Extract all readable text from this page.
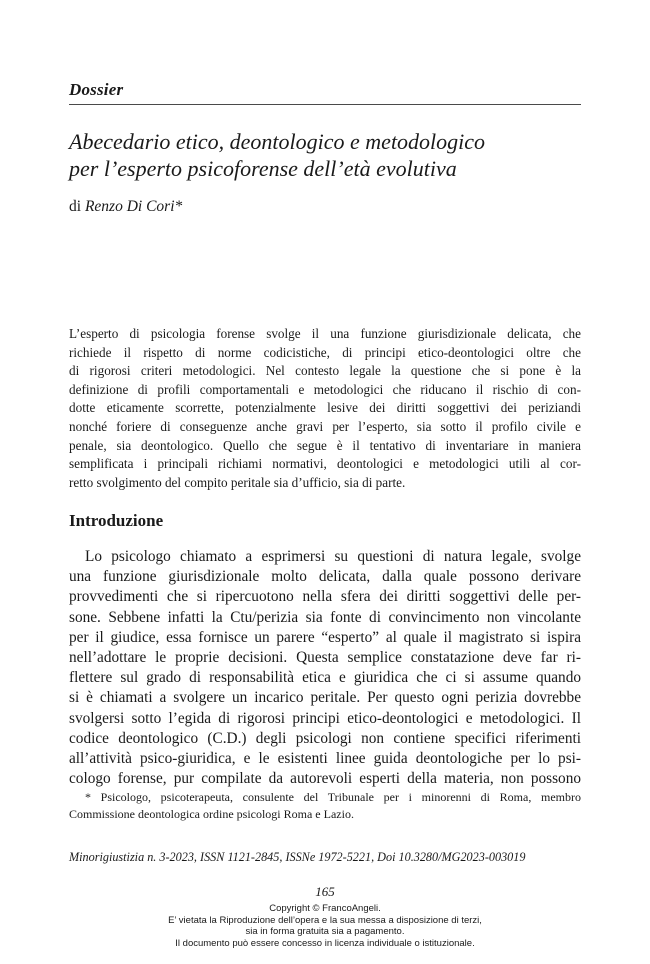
Dossier
Abecedario etico, deontologico e metodologico
per l’esperto psicoforense dell’età evolutiva
di Renzo Di Cori*
L’esperto di psicologia forense svolge il una funzione giurisdizionale delicata, che
richiede il rispetto di norme codicistiche, di principi etico-deontologici oltre che
di rigorosi criteri metodologici. Nel contesto legale la questione che si pone è la
definizione di profili comportamentali e metodologici che riducano il rischio di con-
dotte eticamente scorrette, potenzialmente lesive dei diritti soggettivi dei periziandi
nonché foriere di conseguenze anche gravi per l’esperto, sia sotto il profilo civile e
penale, sia deontologico. Quello che segue è il tentativo di inventariare in maniera
semplificata i principali richiami normativi, deontologici e metodologici utili al cor-
retto svolgimento del compito peritale sia d’ufficio, sia di parte.
Introduzione
Lo psicologo chiamato a esprimersi su questioni di natura legale, svolge
una funzione giurisdizionale molto delicata, dalla quale possono derivare
provvedimenti che si ripercuotono nella sfera dei diritti soggettivi delle per-
sone. Sebbene infatti la Ctu/perizia sia fonte di convincimento non vincolante
per il giudice, essa fornisce un parere “esperto” al quale il magistrato si ispira
nell’adottare le proprie decisioni. Questa semplice constatazione deve far ri-
flettere sul grado di responsabilità etica e giuridica che ci si assume quando
si è chiamati a svolgere un incarico peritale. Per questo ogni perizia dovrebbe
svolgersi sotto l’egida di rigorosi principi etico-deontologici e metodologici. Il
codice deontologico (C.D.) degli psicologi non contiene specifici riferimenti
all’attività psico-giuridica, e le esistenti linee guida deontologiche per lo psi-
cologo forense, pur compilate da autorevoli esperti della materia, non possono
* Psicologo, psicoterapeuta, consulente del Tribunale per i minorenni di Roma, membro
Commissione deontologica ordine psicologi Roma e Lazio.
Minorigiustizia n. 3-2023, ISSN 1121-2845, ISSNe 1972-5221, Doi 10.3280/MG2023-003019
165
Copyright © FrancoAngeli.
E’ vietata la Riproduzione dell’opera e la sua messa a disposizione di terzi,
sia in forma gratuita sia a pagamento.
Il documento può essere concesso in licenza individuale o istituzionale.
